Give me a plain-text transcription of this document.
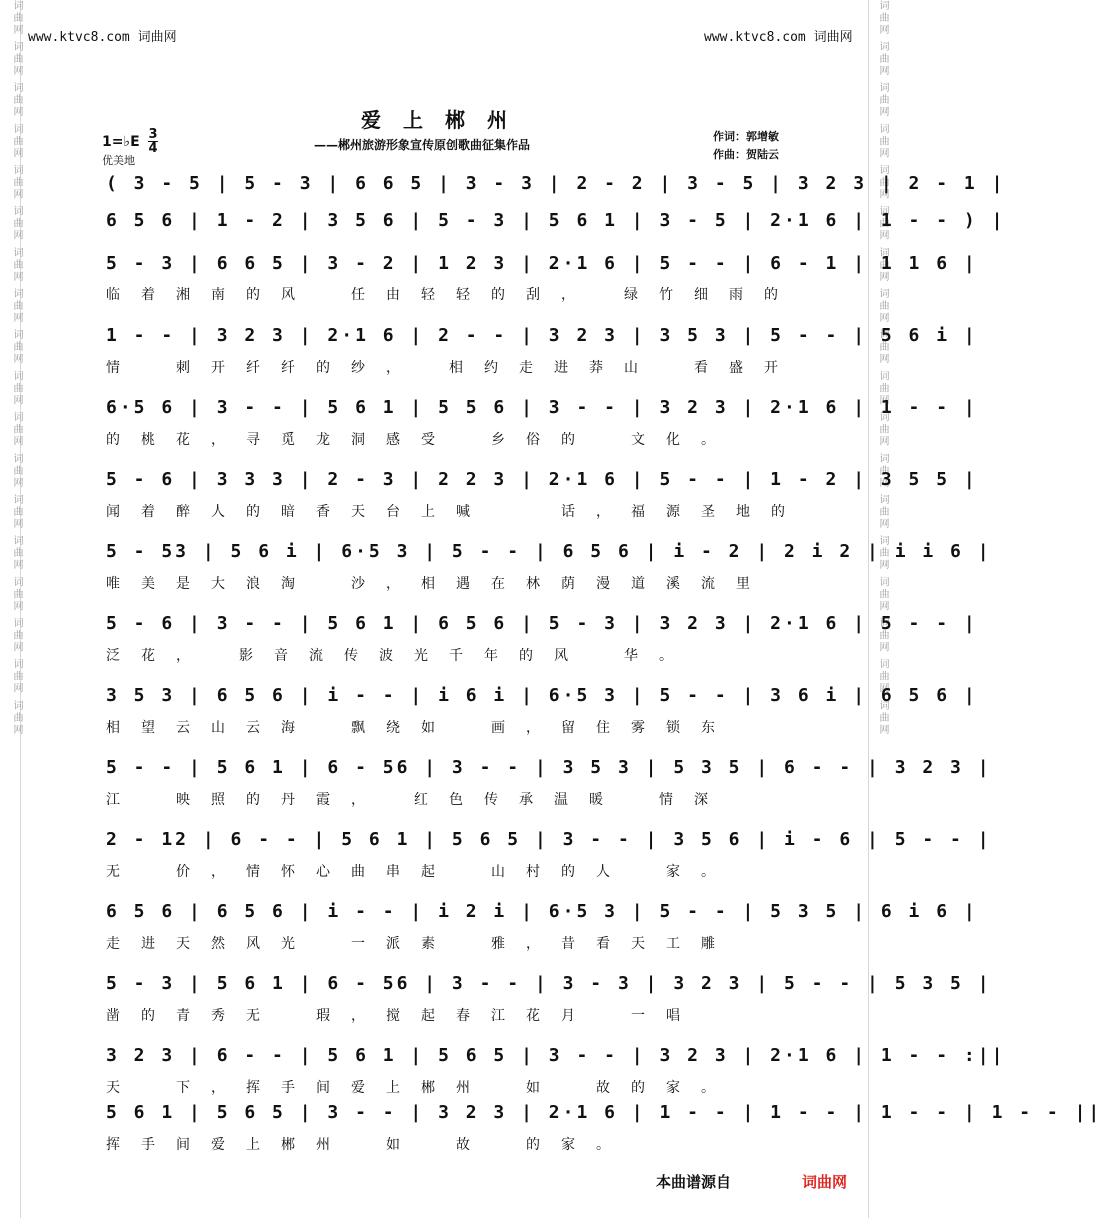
词曲网 词曲网 词曲网 词曲网 词曲网 词曲网 词曲网 词曲网 词曲网 词曲网 词曲网 词曲网 词曲网 词曲网 词曲网 词曲网 词曲网 词曲网	词曲网 词曲网 词曲网 词曲网 词曲网 词曲网 词曲网 词曲网 词曲网 词曲网 词曲网 词曲网 词曲网 词曲网 词曲网 词曲网 词曲网 词曲网
www.ktvc8.com 词曲网	www.ktvc8.com 词曲网
爱上郴州
——郴州旅游形象宣传原创歌曲征集作品
作词：郭增敏
作曲：贺陆云
1=♭E 3
4
优美地
( 3 - 5 | 5 - 3 | 6 6 5 | 3 - 3 | 2 - 2 | 3 - 5 | 3 2 3 | 2 - 1 |
6 5 6 | 1 - 2 | 3 5 6 | 5 - 3 | 5 6 1 | 3 - 5 | 2·1 6 | 1 - - ) |
5 - 3 | 6 6 5 | 3 - 2 | 1 2 3 | 2·1 6 | 5 - - | 6 - 1 | 1 1 6 |
临着湘南的风　任由轻轻的刮，　绿竹细雨的
1 - - | 3 2 3 | 2·1 6 | 2 - - | 3 2 3 | 3 5 3 | 5 - - | 5 6 i |
情　刺开纤纤的纱，　相约走进莽山　看盛开
6·5 6 | 3 - - | 5 6 1 | 5 5 6 | 3 - - | 3 2 3 | 2·1 6 | 1 - - |
的桃花，寻觅龙洞感受　乡俗的　文化。
5 - 6 | 3 3 3 | 2 - 3 | 2 2 3 | 2·1 6 | 5 - - | 1 - 2 | 3 5 5 |
闻着醉人的暗香天台上喊　　话，福源圣地的
5 - 53 | 5 6 i | 6·5 3 | 5 - - | 6 5 6 | i - 2 | 2 i 2 | i i 6 |
唯美是大浪淘　沙，相遇在林荫漫道溪流里
5 - 6 | 3 - - | 5 6 1 | 6 5 6 | 5 - 3 | 3 2 3 | 2·1 6 | 5 - - |
泛花，　影音流传波光千年的风　华。
3 5 3 | 6 5 6 | i - - | i 6 i | 6·5 3 | 5 - - | 3 6 i | 6 5 6 |
相望云山云海　飘绕如　画，留住雾锁东
5 - - | 5 6 1 | 6 - 56 | 3 - - | 3 5 3 | 5 3 5 | 6 - - | 3 2 3 |
江　映照的丹霞，　红色传承温暖　情深
2 - 12 | 6 - - | 5 6 1 | 5 6 5 | 3 - - | 3 5 6 | i - 6 | 5 - - |
无　价，情怀心曲串起　山村的人　家。
6 5 6 | 6 5 6 | i - - | i 2 i | 6·5 3 | 5 - - | 5 3 5 | 6 i 6 |
走进天然风光　一派素　雅，昔看天工雕
5 - 3 | 5 6 1 | 6 - 56 | 3 - - | 3 - 3 | 3 2 3 | 5 - - | 5 3 5 |
凿的青秀无　瑕，搅起春江花月　一唱
3 2 3 | 6 - - | 5 6 1 | 5 6 5 | 3 - - | 3 2 3 | 2·1 6 | 1 - - :||
天　下，挥手间爱上郴州　如　故的家。
5 6 1 | 5 6 5 | 3 - - | 3 2 3 | 2·1 6 | 1 - - | 1 - - | 1 - - | 1 - - ||
挥手间爱上郴州　如　故　的家。
本曲谱源自	词曲网
